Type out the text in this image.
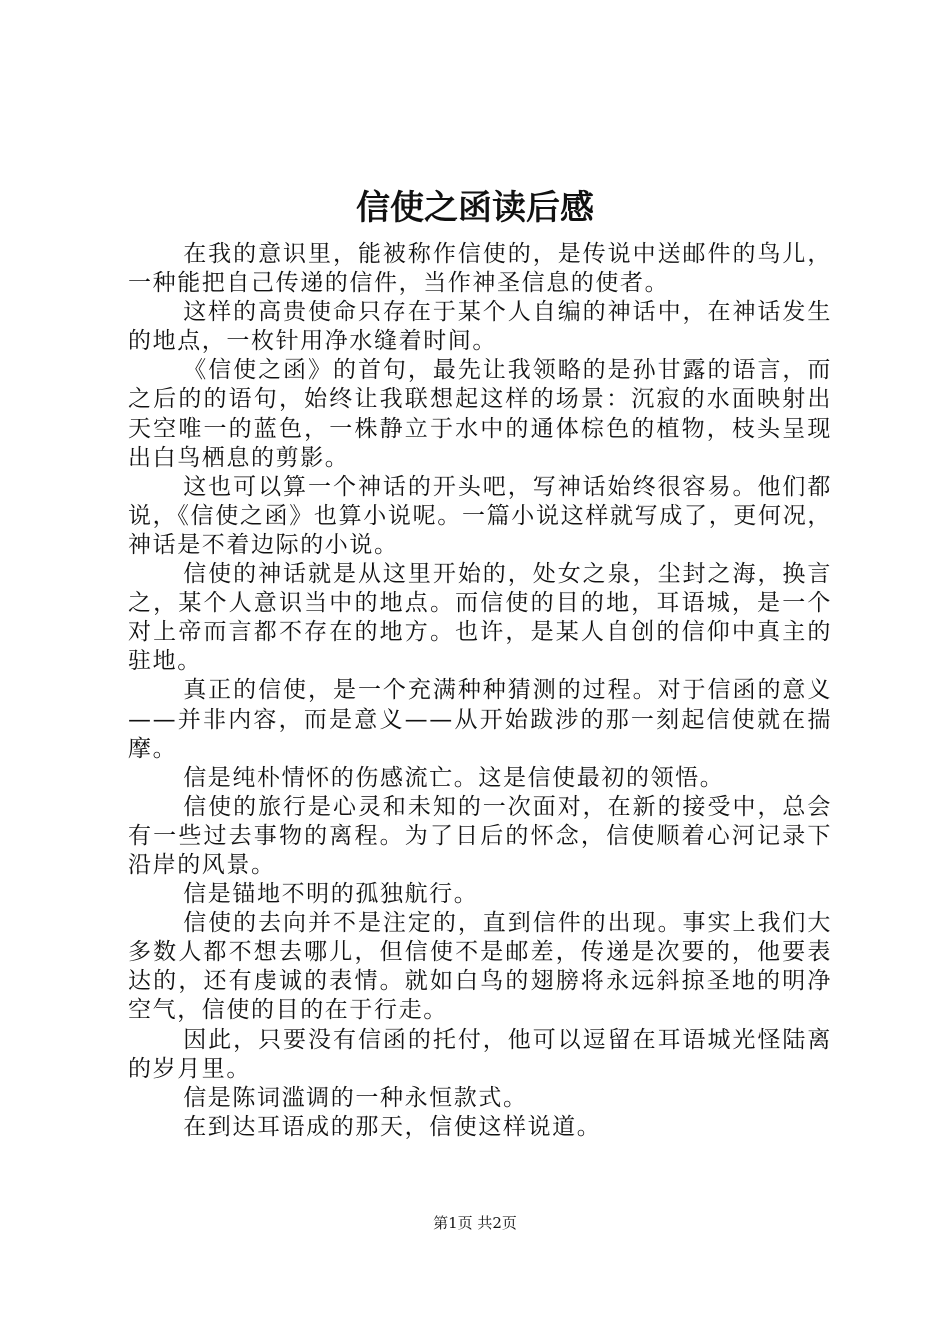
信使之函读后感

在我的意识里，能被称作信使的，是传说中送邮件的鸟儿，一种能把自己传递的信件，当作神圣信息的使者。

这样的高贵使命只存在于某个人自编的神话中，在神话发生的地点，一枚针用净水缝着时间。

《信使之函》的首句，最先让我领略的是孙甘露的语言，而之后的的语句，始终让我联想起这样的场景：沉寂的水面映射出天空唯一的蓝色，一株静立于水中的通体棕色的植物，枝头呈现出白鸟栖息的剪影。

这也可以算一个神话的开头吧，写神话始终很容易。他们都说，《信使之函》也算小说呢。一篇小说这样就写成了，更何况，神话是不着边际的小说。

信使的神话就是从这里开始的，处女之泉，尘封之海，换言之，某个人意识当中的地点。而信使的目的地，耳语城，是一个对上帝而言都不存在的地方。也许，是某人自创的信仰中真主的驻地。

真正的信使，是一个充满种种猜测的过程。对于信函的意义——并非内容，而是意义——从开始跋涉的那一刻起信使就在揣摩。

信是纯朴情怀的伤感流亡。这是信使最初的领悟。

信使的旅行是心灵和未知的一次面对，在新的接受中，总会有一些过去事物的离程。为了日后的怀念，信使顺着心河记录下沿岸的风景。

信是锚地不明的孤独航行。

信使的去向并不是注定的，直到信件的出现。事实上我们大多数人都不想去哪儿，但信使不是邮差，传递是次要的，他要表达的，还有虔诚的表情。就如白鸟的翅膀将永远斜掠圣地的明净空气，信使的目的在于行走。

因此，只要没有信函的托付，他可以逗留在耳语城光怪陆离的岁月里。

信是陈词滥调的一种永恒款式。

在到达耳语成的那天，信使这样说道。

第1页 共2页
